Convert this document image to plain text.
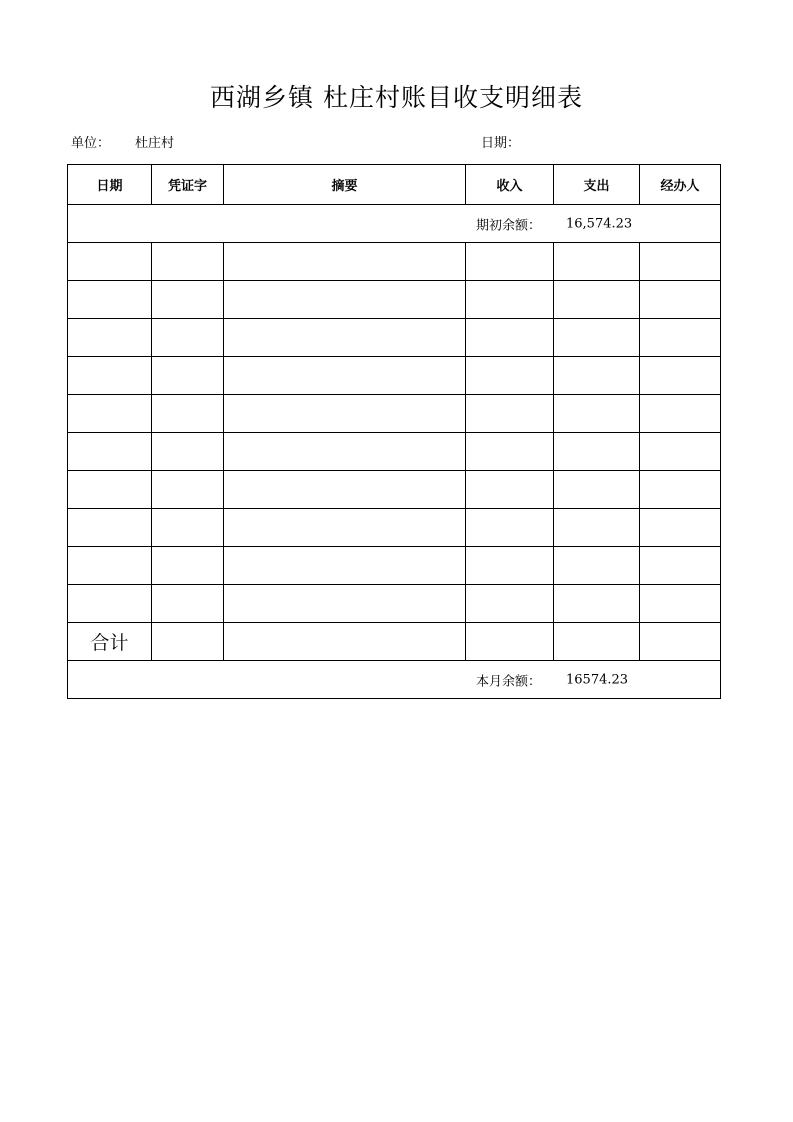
西湖乡镇 杜庄村账目收支明细表
单位： 杜庄村	日期：
日期	凭证字	摘要	收入	支出	经办人

期初余额： 16,574.23					

合计					

本月余额： 16574.23					
